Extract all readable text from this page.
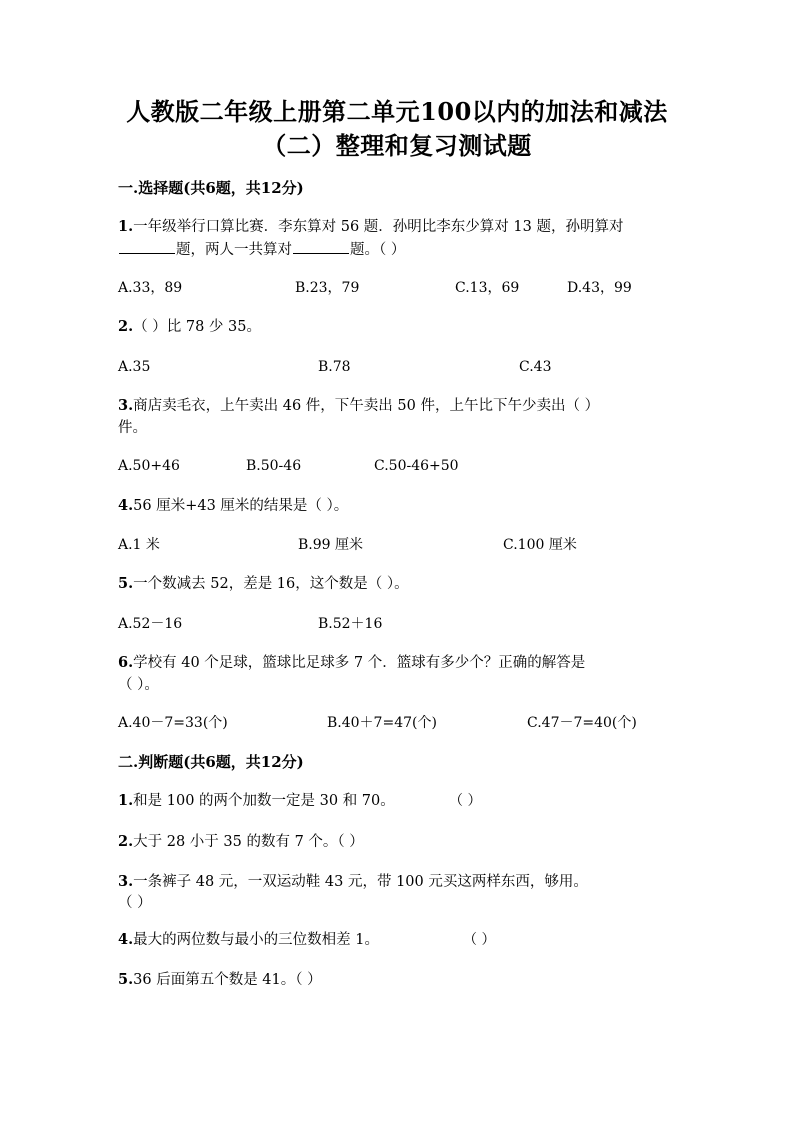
人教版二年级上册第二单元100以内的加法和减法
（二）整理和复习测试题
一.选择题(共6题，共12分)
1.一年级举行口算比赛．李东算对 56 题．孙明比李东少算对 13 题，孙明算对
题，两人一共算对	题。（ ）
A.33，89	B.23，79	C.13，69	D.43，99
2.（ ）比 78 少 35。
A.35	B.78	C.43
3.商店卖毛衣，上午卖出 46 件，下午卖出 50 件，上午比下午少卖出（ ）
件。
A.50+46	B.50-46	C.50-46+50
4.56 厘米+43 厘米的结果是（ ）。
A.1 米	B.99 厘米	C.100 厘米
5.一个数减去 52，差是 16，这个数是（ ）。
A.52－16	B.52＋16
6.学校有 40 个足球，篮球比足球多 7 个．篮球有多少个？正确的解答是
（ ）。
A.40－7=33(个)	B.40＋7=47(个)	C.47－7=40(个)
二.判断题(共6题，共12分)
1.和是 100 的两个加数一定是 30 和 70。	（ ）
2.大于 28 小于 35 的数有 7 个。（ ）
3.一条裤子 48 元，一双运动鞋 43 元，带 100 元买这两样东西，够用。
（ ）
4.最大的两位数与最小的三位数相差 1。	（ ）
5.36 后面第五个数是 41。（ ）
